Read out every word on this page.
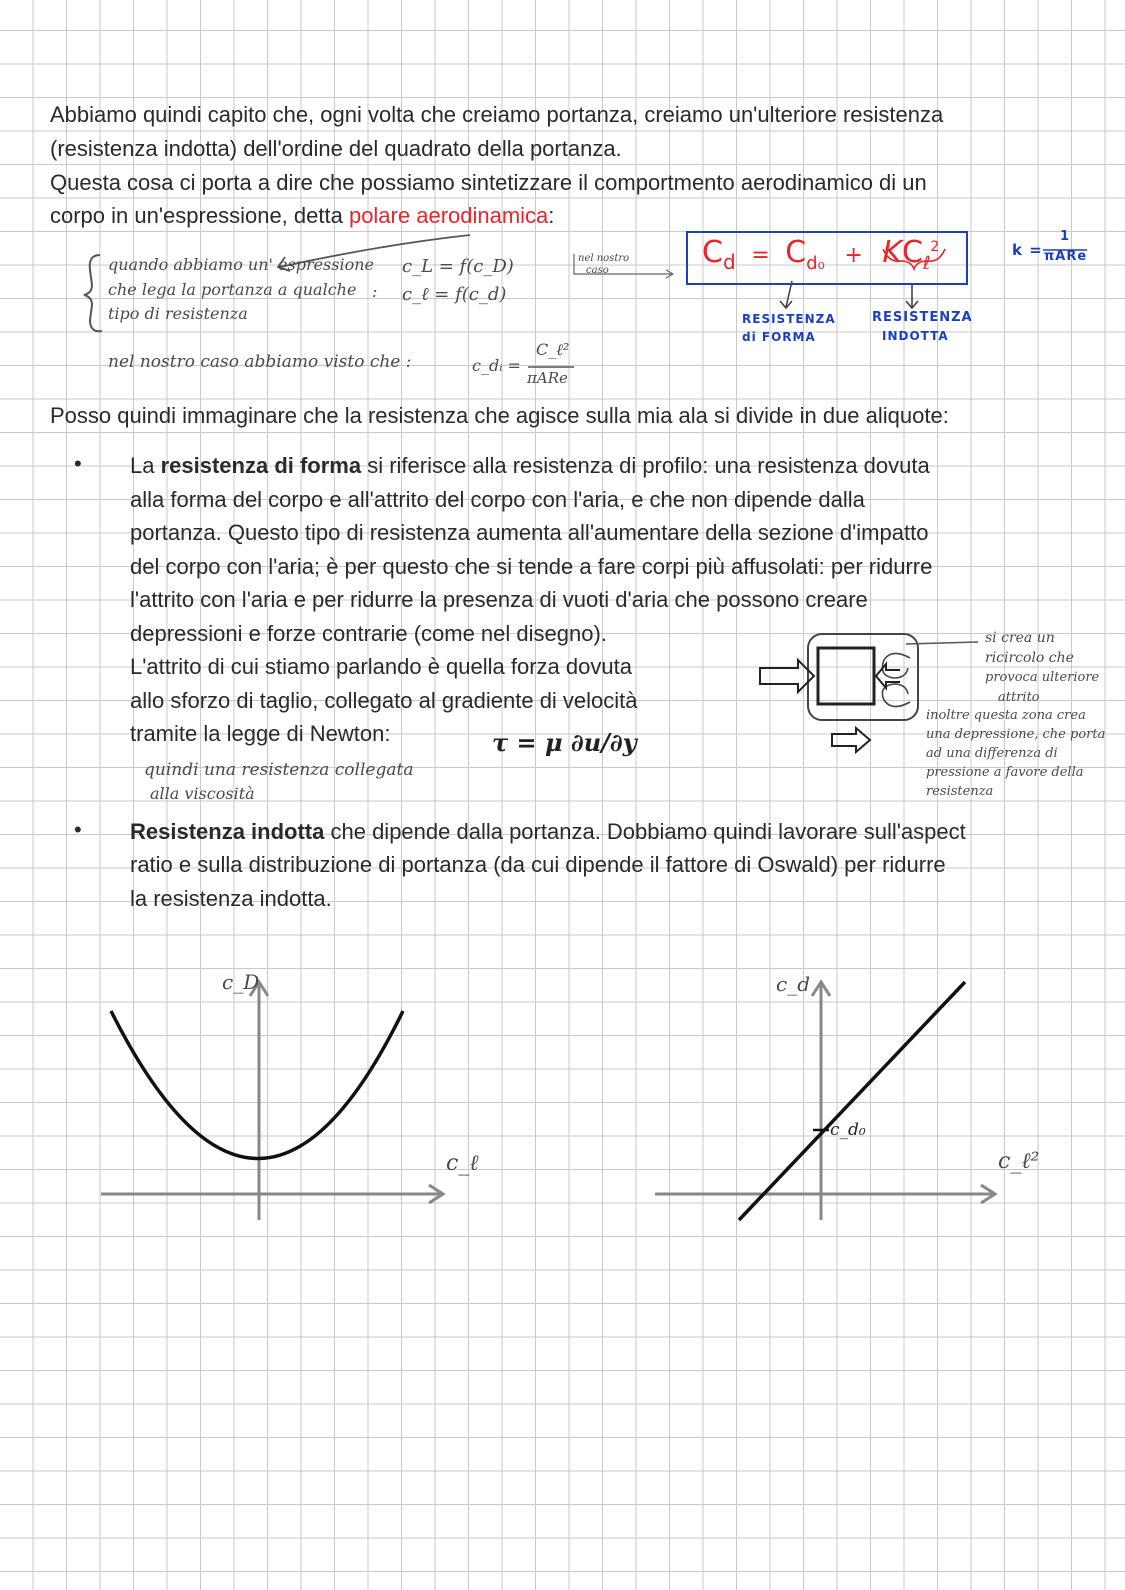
Abbiamo quindi capito che, ogni volta che creiamo portanza, creiamo un'ulteriore resistenza

(resistenza indotta) dell'ordine del quadrato della portanza.

Questa cosa ci porta a dire che possiamo sintetizzare il comportmento aerodinamico di un

corpo in un'espressione, detta polare aerodinamica:

quando abbiamo un' espressione
che lega la portanza a qualche
tipo di resistenza
c_L = f(c_D)
c_ℓ = f(c_d)
:
nel nostro caso abbiamo visto che :	c_dᵢ =
C_ℓ²
πARe
nel nostro
caso
$C_d = C_{d_0} + KC_\ell^2$
RESISTENZA
di FORMA
RESISTENZA
INDOTTA
k =
1
πARe

Posso quindi immaginare che la resistenza che agisce sulla mia ala si divide in due aliquote:

• La resistenza di forma si riferisce alla resistenza di profilo: una resistenza dovuta

alla forma del corpo e all'attrito del corpo con l'aria, e che non dipende dalla

portanza. Questo tipo di resistenza aumenta all'aumentare della sezione d'impatto

del corpo con l'aria; è per questo che si tende a fare corpi più affusolati: per ridurre

l'attrito con l'aria e per ridurre la presenza di vuoti d'aria che possono creare

depressioni e forze contrarie (come nel disegno).

L'attrito di cui stiamo parlando è quella forza dovuta

allo sforzo di taglio, collegato al gradiente di velocità

tramite la legge di Newton:	τ = μ ∂u/∂y
quindi una resistenza collegata
alla viscosità
si crea un
ricircolo che
provoca ulteriore
attrito
inoltre questa zona crea
una depressione, che porta
ad una differenza di
pressione a favore della
resistenza
• Resistenza indotta che dipende dalla portanza. Dobbiamo quindi lavorare sull'aspect

ratio e sulla distribuzione di portanza (da cui dipende il fattore di Oswald) per ridurre

la resistenza indotta.

c_D
c_ℓ
c_d
c_ℓ²
c_d₀
